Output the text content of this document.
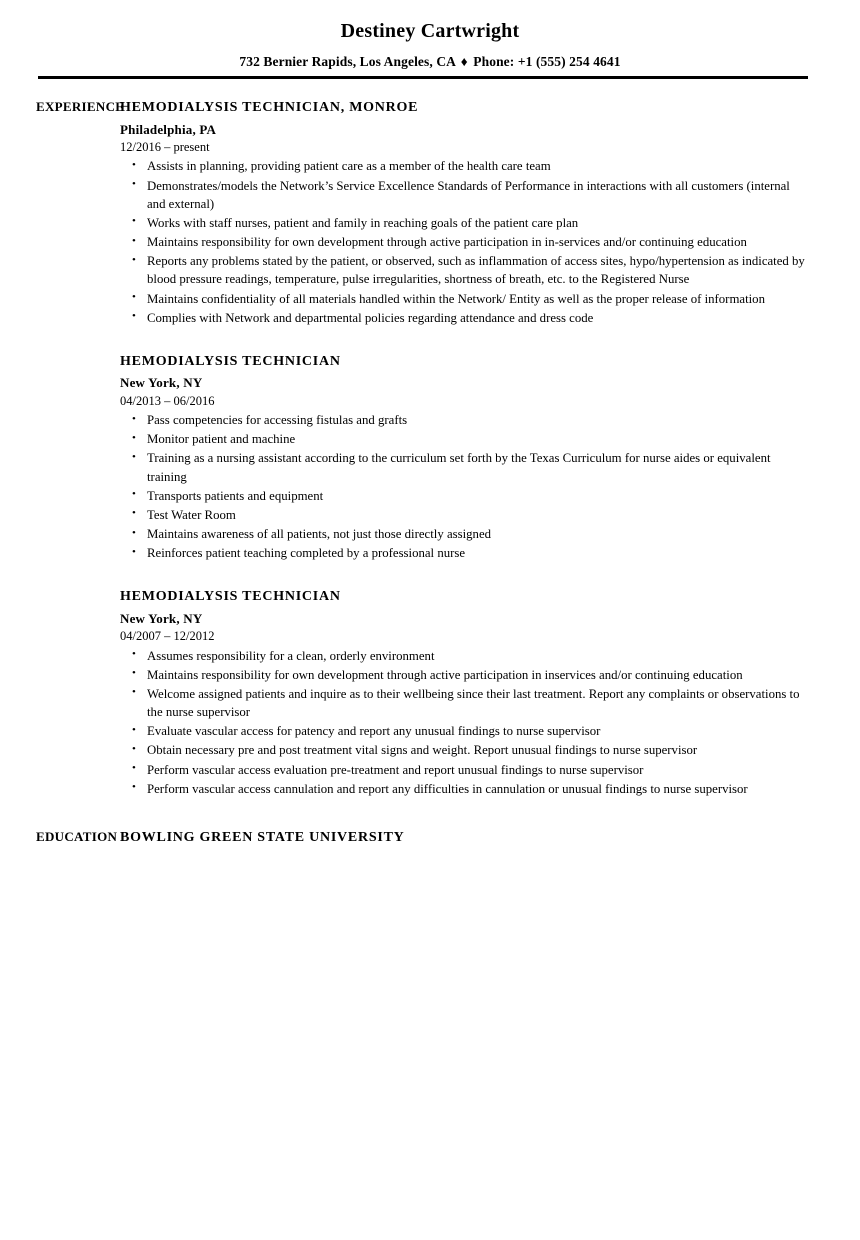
Destiney Cartwright
732 Bernier Rapids, Los Angeles, CA ♦ Phone: +1 (555) 254 4641
EXPERIENCE
HEMODIALYSIS TECHNICIAN, MONROE
Philadelphia, PA
12/2016 – present
• Assists in planning, providing patient care as a member of the health care team
• Demonstrates/models the Network’s Service Excellence Standards of Performance in interactions with all customers (internal and external)
• Works with staff nurses, patient and family in reaching goals of the patient care plan
• Maintains responsibility for own development through active participation in in-services and/or continuing education
• Reports any problems stated by the patient, or observed, such as inflammation of access sites, hypo/hypertension as indicated by blood pressure readings, temperature, pulse irregularities, shortness of breath, etc. to the Registered Nurse
• Maintains confidentiality of all materials handled within the Network/ Entity as well as the proper release of information
• Complies with Network and departmental policies regarding attendance and dress code
HEMODIALYSIS TECHNICIAN
New York, NY
04/2013 – 06/2016
• Pass competencies for accessing fistulas and grafts
• Monitor patient and machine
• Training as a nursing assistant according to the curriculum set forth by the Texas Curriculum for nurse aides or equivalent training
• Transports patients and equipment
• Test Water Room
• Maintains awareness of all patients, not just those directly assigned
• Reinforces patient teaching completed by a professional nurse
HEMODIALYSIS TECHNICIAN
New York, NY
04/2007 – 12/2012
• Assumes responsibility for a clean, orderly environment
• Maintains responsibility for own development through active participation in inservices and/or continuing education
• Welcome assigned patients and inquire as to their wellbeing since their last treatment. Report any complaints or observations to the nurse supervisor
• Evaluate vascular access for patency and report any unusual findings to nurse supervisor
• Obtain necessary pre and post treatment vital signs and weight. Report unusual findings to nurse supervisor
• Perform vascular access evaluation pre-treatment and report unusual findings to nurse supervisor
• Perform vascular access cannulation and report any difficulties in cannulation or unusual findings to nurse supervisor
EDUCATION BOWLING GREEN STATE UNIVERSITY
